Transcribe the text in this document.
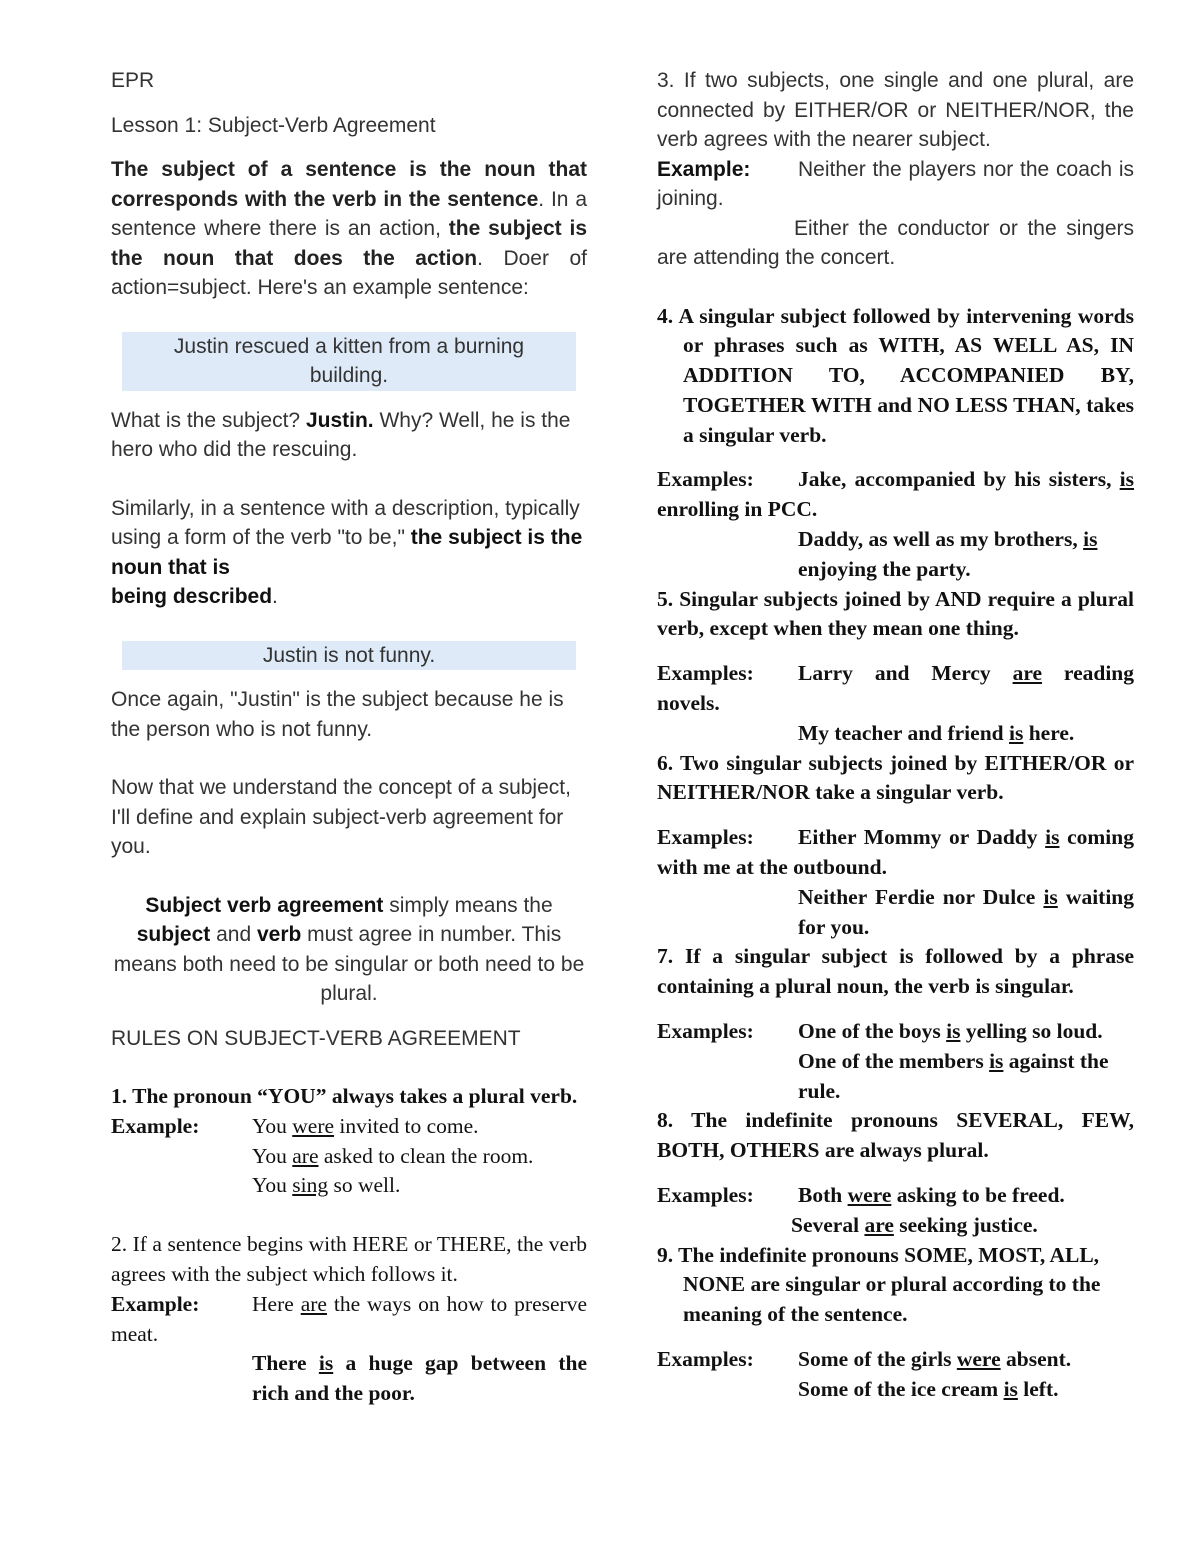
EPR

Lesson 1: Subject-Verb Agreement

The subject of a sentence is the noun that corresponds with the verb in the sentence. In a sentence where there is an action, the subject is the noun that does the action. Doer of action=subject. Here's an example sentence:

Justin rescued a kitten from a burning building.

What is the subject? Justin. Why? Well, he is the hero who did the rescuing.

Similarly, in a sentence with a description, typically using a form of the verb "to be," the subject is the noun that is
being described.

Justin is not funny.

Once again, "Justin" is the subject because he is the person who is not funny.

Now that we understand the concept of a subject, I'll define and explain subject-verb agreement for you.

Subject verb agreement simply means the subject and verb must agree in number. This means both need to be singular or both need to be plural.

RULES ON SUBJECT-VERB AGREEMENT

1. The pronoun “YOU” always takes a plural verb.

Example:	You were invited to come.

You are asked to clean the room.

You sing so well.

2. If a sentence begins with HERE or THERE, the verb agrees with the subject which follows it.

Example: Here are the ways on how to preserve meat.

There is a huge gap between the rich and the poor.

3. If two subjects, one single and one plural, are connected by EITHER/OR or NEITHER/NOR, the verb agrees with the nearer subject.

Example: Neither the players nor the coach is joining.

Either the conductor or the singers are attending the concert.

4. A singular subject followed by intervening words or phrases such as WITH, AS WELL AS, IN ADDITION TO, ACCOMPANIED BY, TOGETHER WITH and NO LESS THAN, takes a singular verb.

Examples: Jake, accompanied by his sisters, is enrolling in PCC.

Daddy, as well as my brothers, is enjoying the party.

5. Singular subjects joined by AND require a plural verb, except when they mean one thing.

Examples: Larry and Mercy are reading novels.

My teacher and friend is here.

6. Two singular subjects joined by EITHER/OR or NEITHER/NOR take a singular verb.

Examples: Either Mommy or Daddy is coming with me at the outbound.

Neither Ferdie nor Dulce is waiting for you.

7. If a singular subject is followed by a phrase containing a plural noun, the verb is singular.

Examples:	One of the boys is yelling so loud.

One of the members is against the rule.

8. The indefinite pronouns SEVERAL, FEW, BOTH, OTHERS are always plural.

Examples:	Both were asking to be freed.

Several are seeking justice.

9. The indefinite pronouns SOME, MOST, ALL, NONE are singular or plural according to the meaning of the sentence.

Examples:	Some of the girls were absent.

Some of the ice cream is left.
